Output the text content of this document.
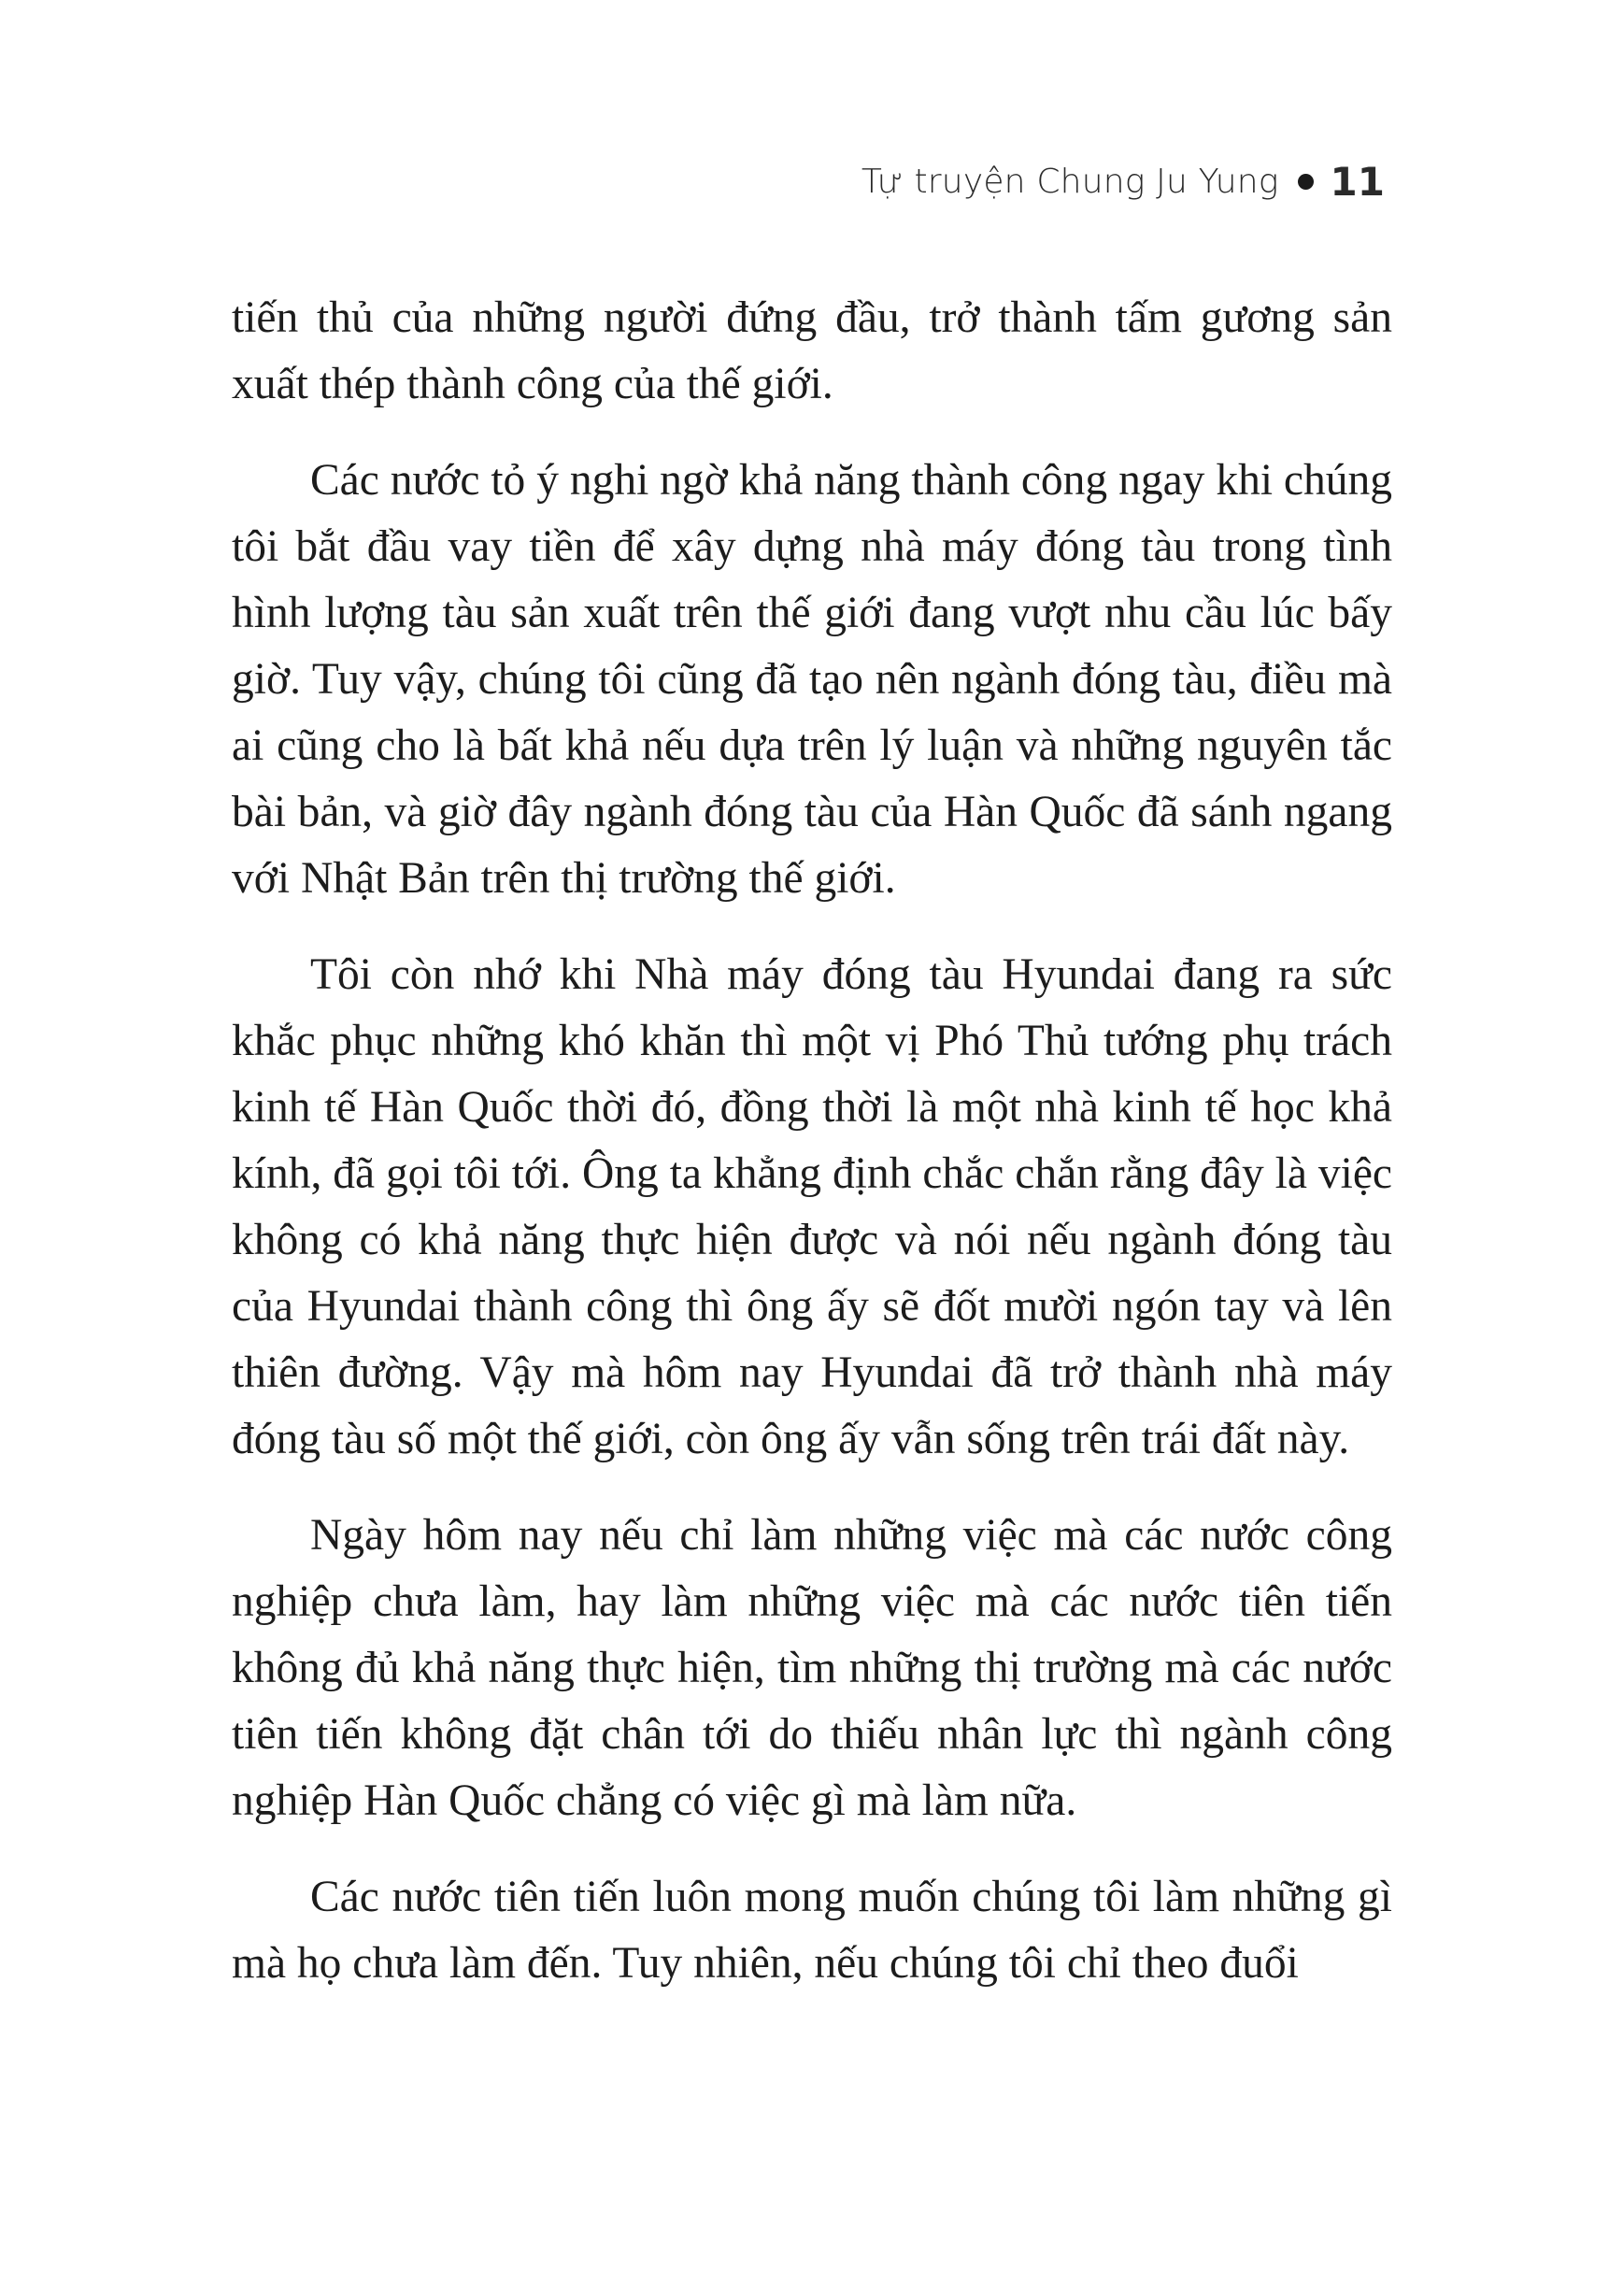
Tự truyện Chung Ju Yung 11

tiến thủ của những người đứng đầu, trở thành tấm gương sản xuất thép thành công của thế giới.

Các nước tỏ ý nghi ngờ khả năng thành công ngay khi chúng tôi bắt đầu vay tiền để xây dựng nhà máy đóng tàu trong tình hình lượng tàu sản xuất trên thế giới đang vượt nhu cầu lúc bấy giờ. Tuy vậy, chúng tôi cũng đã tạo nên ngành đóng tàu, điều mà ai cũng cho là bất khả nếu dựa trên lý luận và những nguyên tắc bài bản, và giờ đây ngành đóng tàu của Hàn Quốc đã sánh ngang với Nhật Bản trên thị trường thế giới.

Tôi còn nhớ khi Nhà máy đóng tàu Hyundai đang ra sức khắc phục những khó khăn thì một vị Phó Thủ tướng phụ trách kinh tế Hàn Quốc thời đó, đồng thời là một nhà kinh tế học khả kính, đã gọi tôi tới. Ông ta khẳng định chắc chắn rằng đây là việc không có khả năng thực hiện được và nói nếu ngành đóng tàu của Hyundai thành công thì ông ấy sẽ đốt mười ngón tay và lên thiên đường. Vậy mà hôm nay Hyundai đã trở thành nhà máy đóng tàu số một thế giới, còn ông ấy vẫn sống trên trái đất này.

Ngày hôm nay nếu chỉ làm những việc mà các nước công nghiệp chưa làm, hay làm những việc mà các nước tiên tiến không đủ khả năng thực hiện, tìm những thị trường mà các nước tiên tiến không đặt chân tới do thiếu nhân lực thì ngành công nghiệp Hàn Quốc chẳng có việc gì mà làm nữa.

Các nước tiên tiến luôn mong muốn chúng tôi làm những gì mà họ chưa làm đến. Tuy nhiên, nếu chúng tôi chỉ theo đuổi
